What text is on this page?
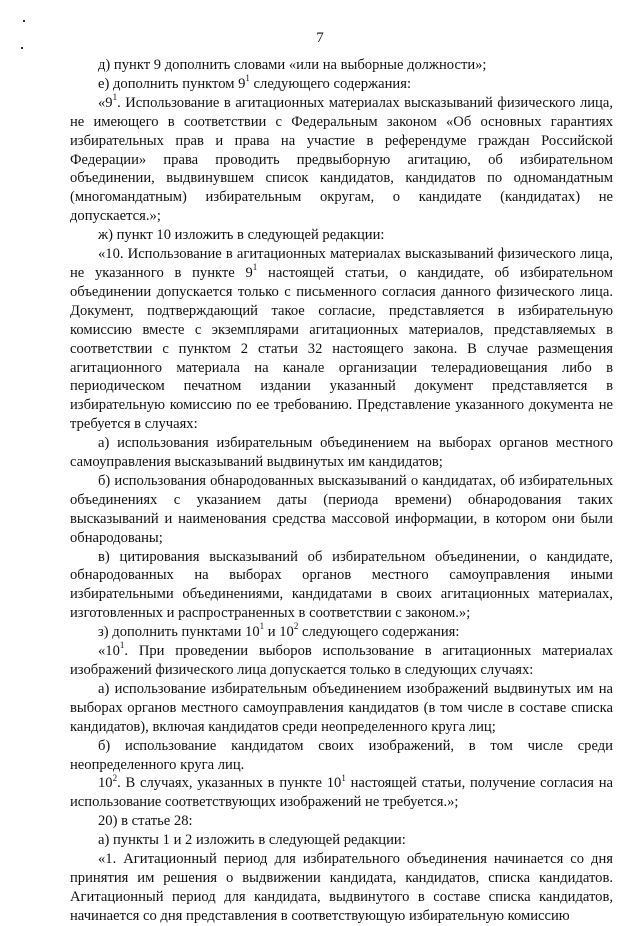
7

д) пункт 9 дополнить словами «или на выборные должности»;

е) дополнить пунктом $9^1$ следующего содержания:

«$9^1$. Использование в агитационных материалах высказываний физического лица, не имеющего в соответствии с Федеральным законом «Об основных гарантиях избирательных прав и права на участие в референдуме граждан Российской Федерации» права проводить предвыборную агитацию, об избирательном объединении, выдвинувшем список кандидатов, кандидатов по одномандатным (многомандатным) избирательным округам, о кандидате (кандидатах) не допускается.»;

ж) пункт 10 изложить в следующей редакции:

«10. Использование в агитационных материалах высказываний физического лица, не указанного в пункте $9^1$ настоящей статьи, о кандидате, об избирательном объединении допускается только с письменного согласия данного физического лица. Документ, подтверждающий такое согласие, представляется в избирательную комиссию вместе с экземплярами агитационных материалов, представляемых в соответствии с пунктом 2 статьи 32 настоящего закона. В случае размещения агитационного материала на канале организации телерадиовещания либо в периодическом печатном издании указанный документ представляется в избирательную комиссию по ее требованию. Представление указанного документа не требуется в случаях:

а) использования избирательным объединением на выборах органов местного самоуправления высказываний выдвинутых им кандидатов;

б) использования обнародованных высказываний о кандидатах, об избирательных объединениях с указанием даты (периода времени) обнародования таких высказываний и наименования средства массовой информации, в котором они были обнародованы;

в) цитирования высказываний об избирательном объединении, о кандидате, обнародованных на выборах органов местного самоуправления иными избирательными объединениями, кандидатами в своих агитационных материалах, изготовленных и распространенных в соответствии с законом.»;

з) дополнить пунктами $10^1$ и $10^2$ следующего содержания:

«$10^1$. При проведении выборов использование в агитационных материалах изображений физического лица допускается только в следующих случаях:

а) использование избирательным объединением изображений выдвинутых им на выборах органов местного самоуправления кандидатов (в том числе в составе списка кандидатов), включая кандидатов среди неопределенного круга лиц;

б) использование кандидатом своих изображений, в том числе среди неопределенного круга лиц.

$10^2$. В случаях, указанных в пункте $10^1$ настоящей статьи, получение согласия на использование соответствующих изображений не требуется.»;

20) в статье 28:

а) пункты 1 и 2 изложить в следующей редакции:

«1. Агитационный период для избирательного объединения начинается со дня принятия им решения о выдвижении кандидата, кандидатов, списка кандидатов. Агитационный период для кандидата, выдвинутого в составе списка кандидатов, начинается со дня представления в соответствующую избирательную комиссию
